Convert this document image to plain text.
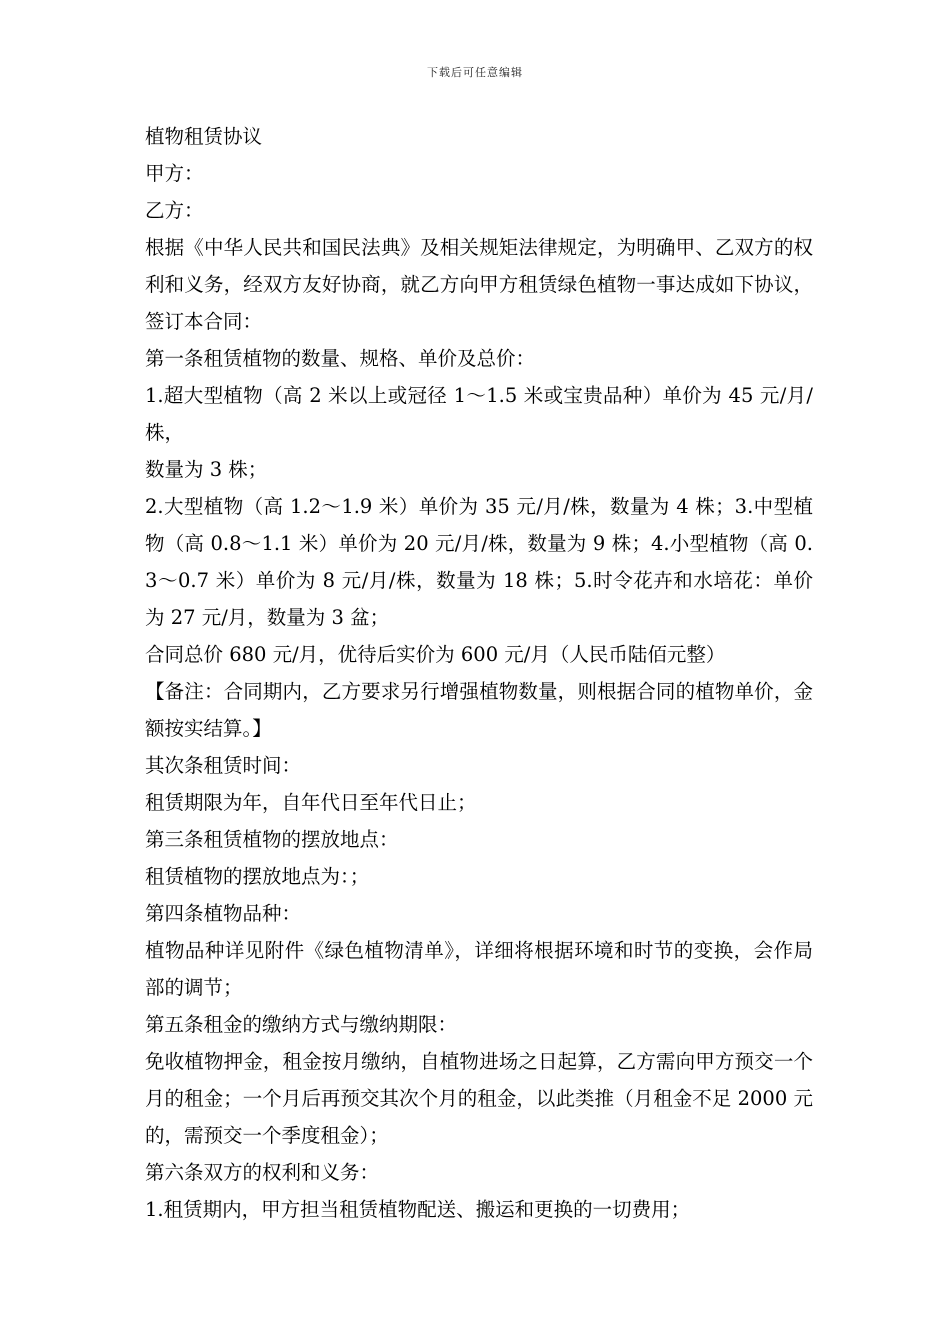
下载后可任意编辑

植物租赁协议

甲方：

乙方：

根据《中华人民共和国民法典》及相关规矩法律规定，为明确甲、乙双方的权利和义务，经双方友好协商，就乙方向甲方租赁绿色植物一事达成如下协议，签订本合同：

第一条租赁植物的数量、规格、单价及总价：

1.超大型植物（高 2 米以上或冠径 1～1.5 米或宝贵品种）单价为 45 元/月/株，

数量为 3 株；

2.大型植物（高 1.2～1.9 米）单价为 35 元/月/株，数量为 4 株；3.中型植物（高 0.8～1.1 米）单价为 20 元/月/株，数量为 9 株；4.小型植物（高 0.3～0.7 米）单价为 8 元/月/株，数量为 18 株；5.时令花卉和水培花：单价为 27 元/月，数量为 3 盆；

合同总价 680 元/月，优待后实价为 600 元/月（人民币陆佰元整）

【备注：合同期内，乙方要求另行增强植物数量，则根据合同的植物单价，金额按实结算。】

其次条租赁时间：

租赁期限为年，自年代日至年代日止；

第三条租赁植物的摆放地点：

租赁植物的摆放地点为：；

第四条植物品种：

植物品种详见附件《绿色植物清单》，详细将根据环境和时节的变换，会作局部的调节；

第五条租金的缴纳方式与缴纳期限：

免收植物押金，租金按月缴纳，自植物进场之日起算，乙方需向甲方预交一个月的租金；一个月后再预交其次个月的租金，以此类推（月租金不足 2000 元的，需预交一个季度租金）；

第六条双方的权利和义务：

1.租赁期内，甲方担当租赁植物配送、搬运和更换的一切费用；
